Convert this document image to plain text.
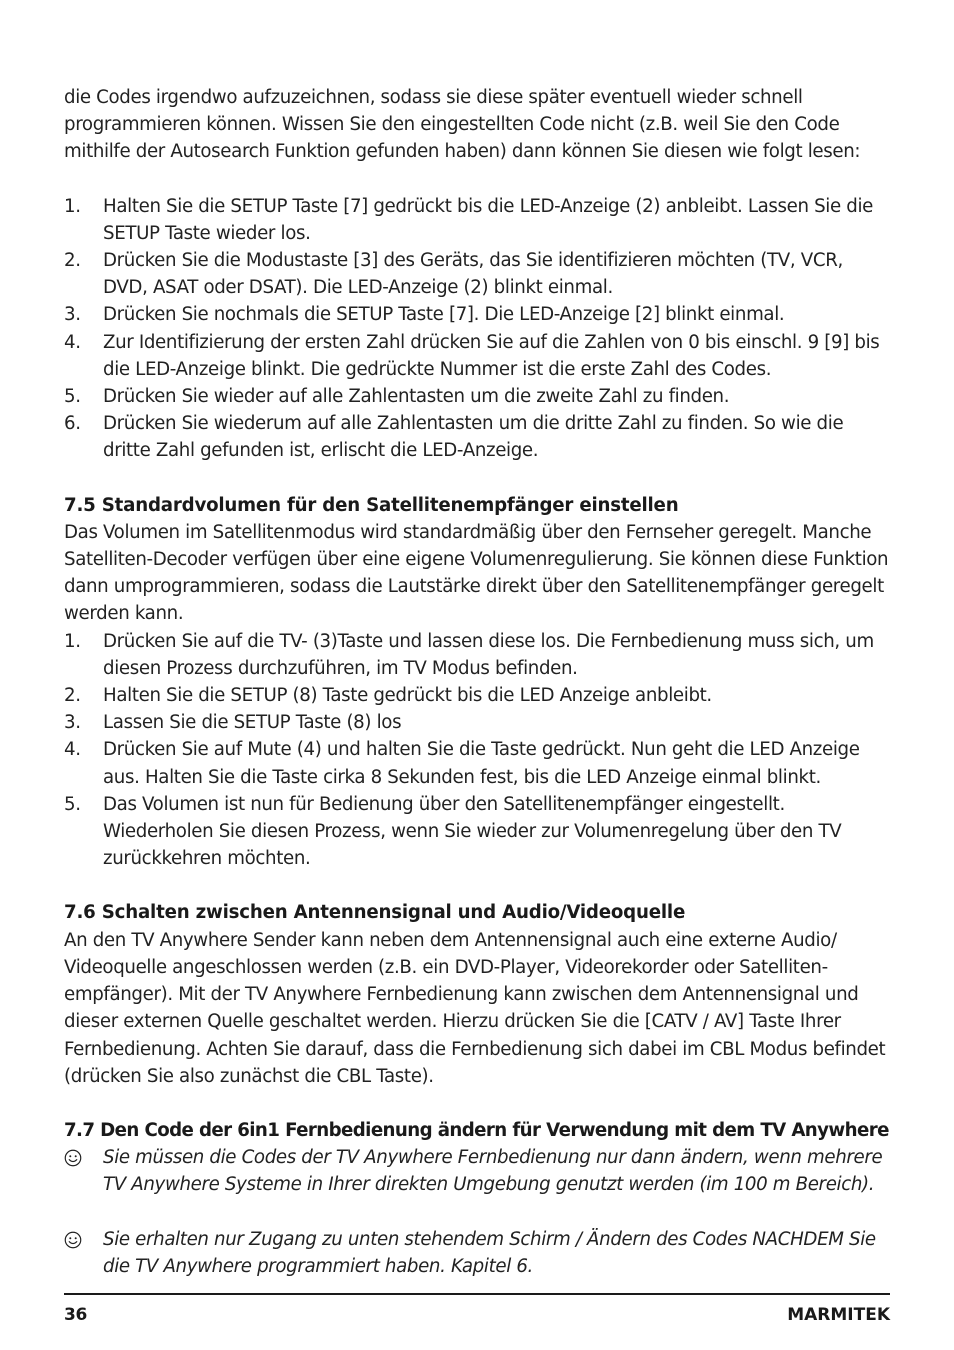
die Codes irgendwo aufzuzeichnen, sodass sie diese später eventuell wieder schnell programmieren können. Wissen Sie den eingestellten Code nicht (z.B. weil Sie den Code mithilfe der Autosearch Funktion gefunden haben) dann können Sie diesen wie folgt lesen:

1. Halten Sie die SETUP Taste [7] gedrückt bis die LED-Anzeige (2) anbleibt. Lassen Sie die SETUP Taste wieder los.
2. Drücken Sie die Modustaste [3] des Geräts, das Sie identifizieren möchten (TV, VCR, DVD, ASAT oder DSAT). Die LED-Anzeige (2) blinkt einmal.
3. Drücken Sie nochmals die SETUP Taste [7]. Die LED-Anzeige [2] blinkt einmal.
4. Zur Identifizierung der ersten Zahl drücken Sie auf die Zahlen von 0 bis einschl. 9 [9] bis die LED-Anzeige blinkt. Die gedrückte Nummer ist die erste Zahl des Codes.
5. Drücken Sie wieder auf alle Zahlentasten um die zweite Zahl zu finden.
6. Drücken Sie wiederum auf alle Zahlentasten um die dritte Zahl zu finden. So wie die dritte Zahl gefunden ist, erlischt die LED-Anzeige.
7.5 Standardvolumen für den Satellitenempfänger einstellen

Das Volumen im Satellitenmodus wird standardmäßig über den Fernseher geregelt. Manche Satelliten-Decoder verfügen über eine eigene Volumenregulierung. Sie können diese Funktion dann umprogrammieren, sodass die Lautstärke direkt über den Satellitenempfänger geregelt werden kann.

1. Drücken Sie auf die TV- (3)Taste und lassen diese los. Die Fernbedienung muss sich, um diesen Prozess durchzuführen, im TV Modus befinden.
2. Halten Sie die SETUP (8) Taste gedrückt bis die LED Anzeige anbleibt.
3. Lassen Sie die SETUP Taste (8) los
4. Drücken Sie auf Mute (4) und halten Sie die Taste gedrückt. Nun geht die LED Anzeige aus. Halten Sie die Taste cirka 8 Sekunden fest, bis die LED Anzeige einmal blinkt.
5. Das Volumen ist nun für Bedienung über den Satellitenempfänger eingestellt. Wiederholen Sie diesen Prozess, wenn Sie wieder zur Volumenregelung über den TV zurückkehren möchten.
7.6 Schalten zwischen Antennensignal und Audio/Videoquelle

An den TV Anywhere Sender kann neben dem Antennensignal auch eine externe Audio/ Videoquelle angeschlossen werden (z.B. ein DVD-Player, Videorekorder oder Satelliten-empfänger). Mit der TV Anywhere Fernbedienung kann zwischen dem Antennensignal und dieser externen Quelle geschaltet werden. Hierzu drücken Sie die [CATV / AV] Taste Ihrer Fernbedienung. Achten Sie darauf, dass die Fernbedienung sich dabei im CBL Modus befindet (drücken Sie also zunächst die CBL Taste).

7.7 Den Code der 6in1 Fernbedienung ändern für Verwendung mit dem TV Anywhere
Sie müssen die Codes der TV Anywhere Fernbedienung nur dann ändern, wenn mehrere TV Anywhere Systeme in Ihrer direkten Umgebung genutzt werden (im 100 m Bereich).
Sie erhalten nur Zugang zu unten stehendem Schirm / Ändern des Codes NACHDEM Sie die TV Anywhere programmiert haben. Kapitel 6.
36	MARMITEK
